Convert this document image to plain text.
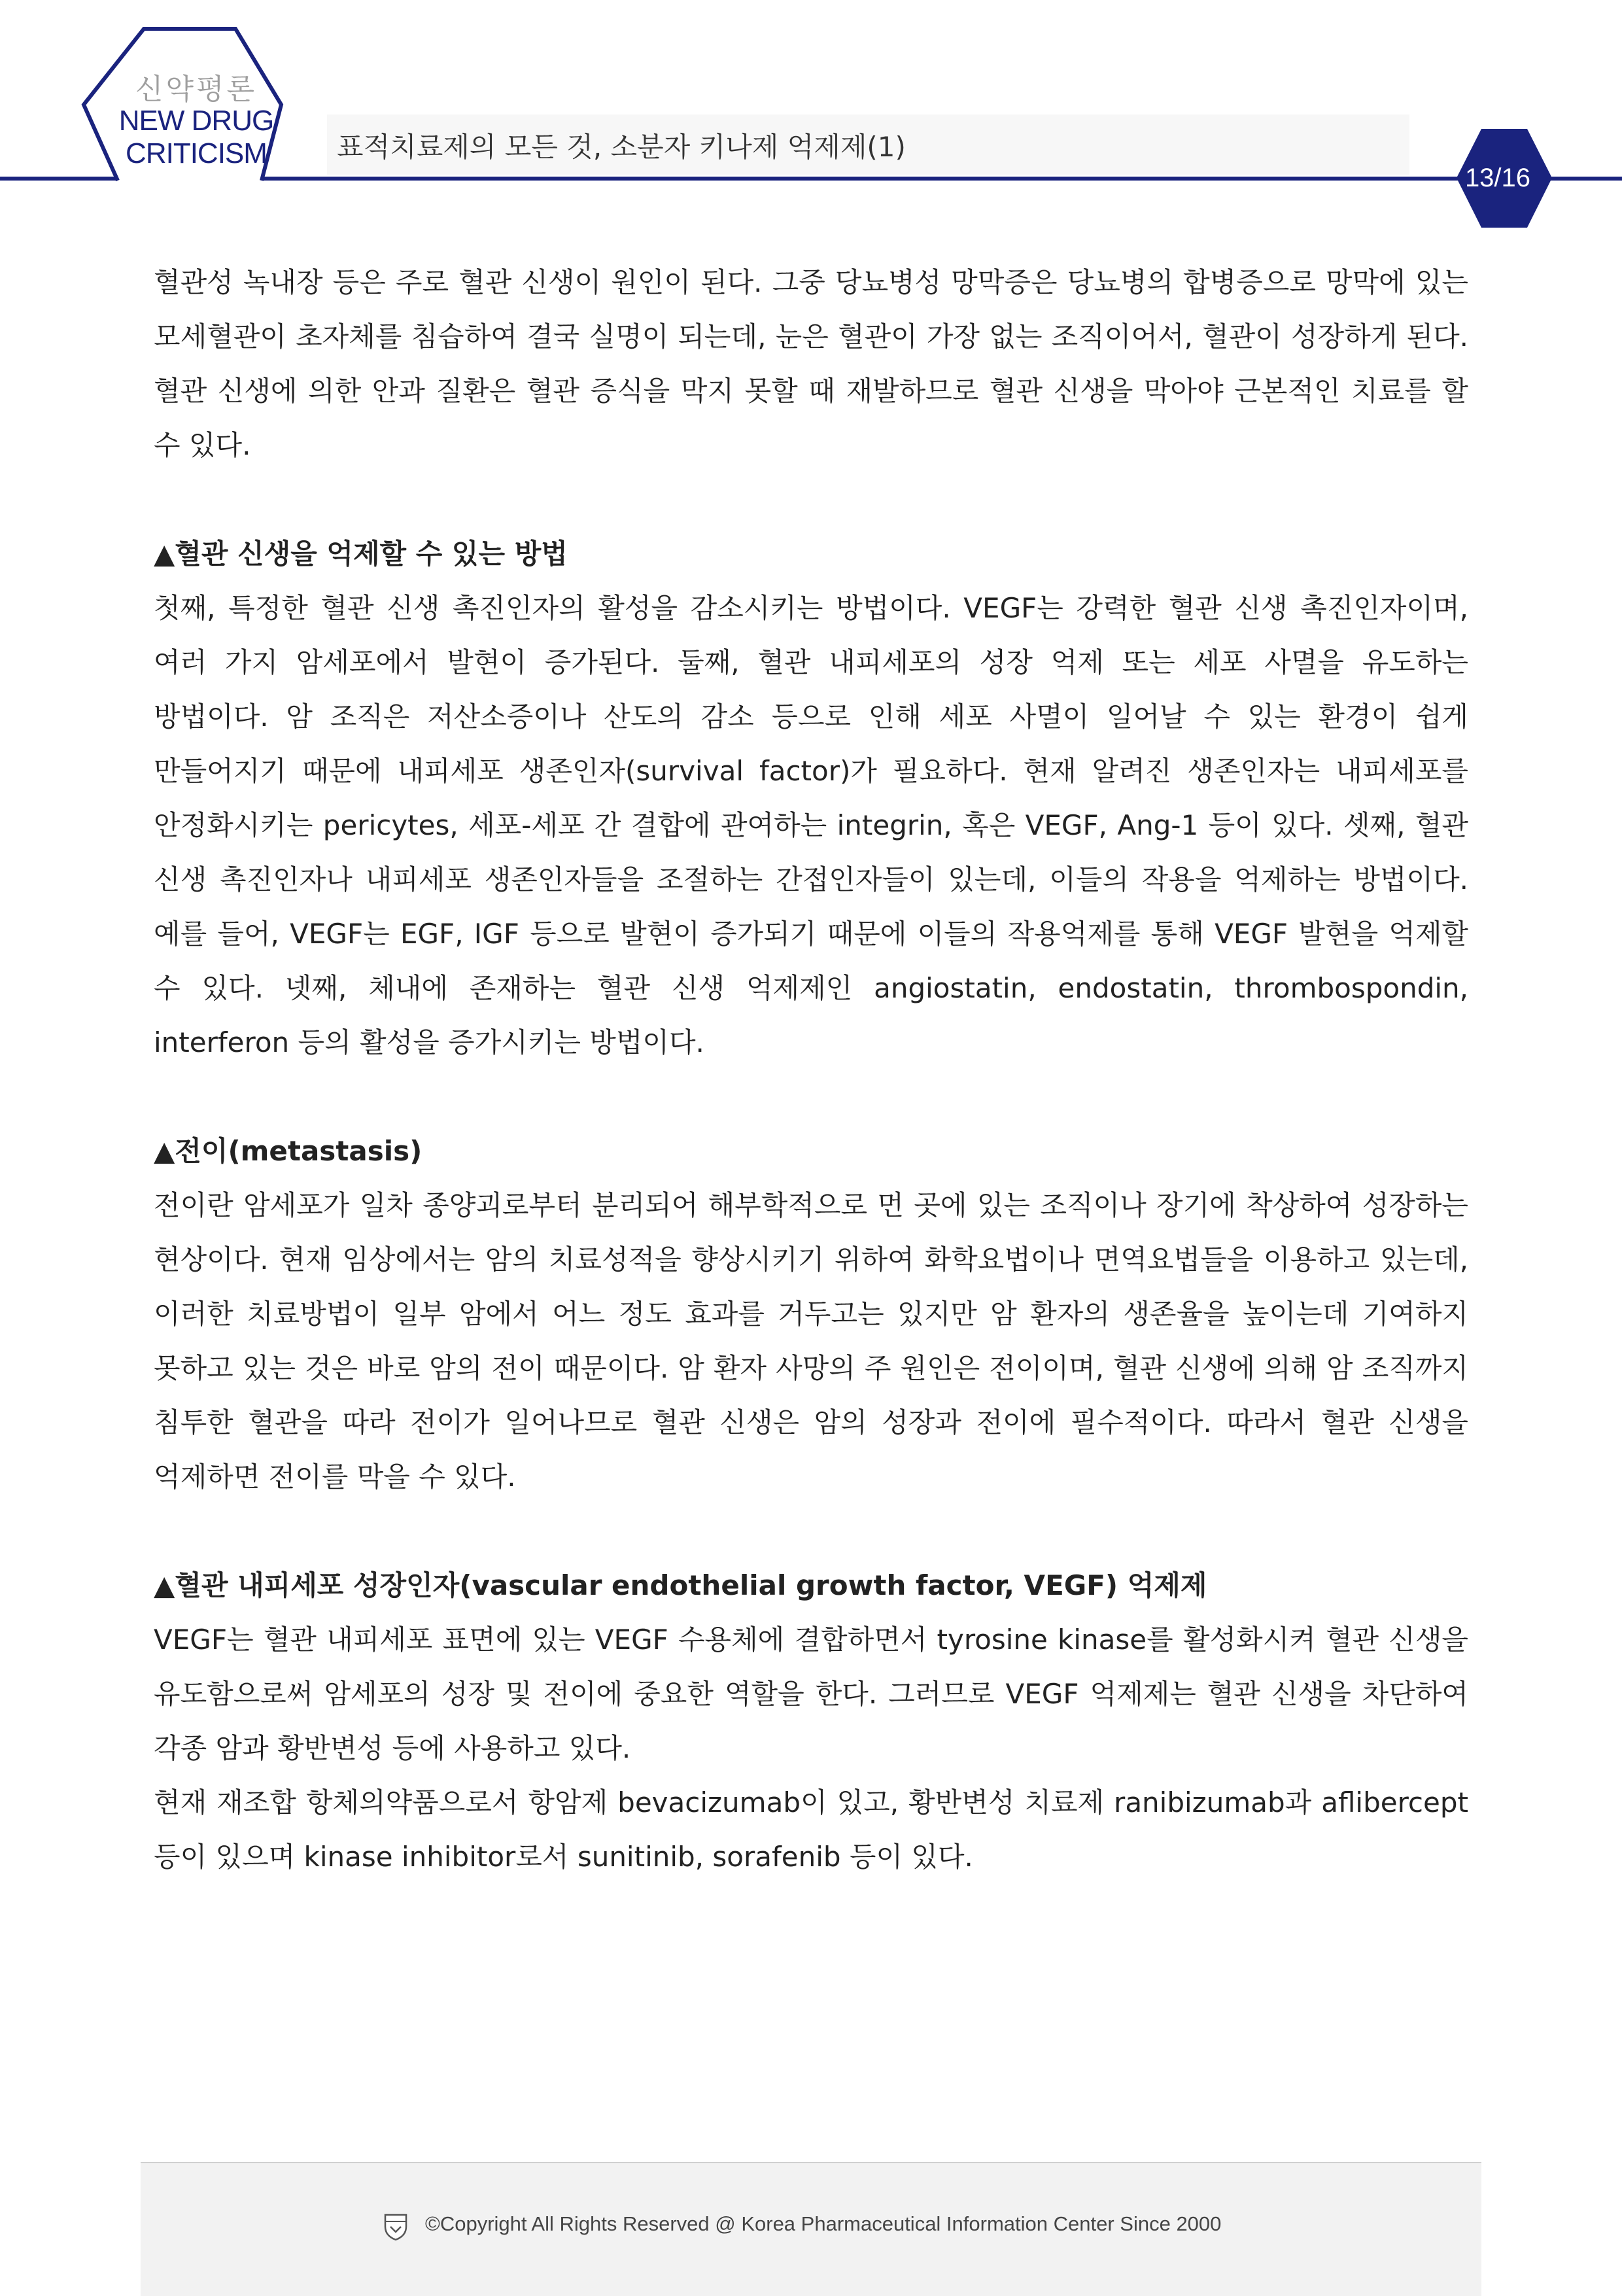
신약평론
NEW DRUG
CRITICISM	표적치료제의 모든 것, 소분자 키나제 억제제(1)
13/16

혈관성 녹내장 등은 주로 혈관 신생이 원인이 된다. 그중 당뇨병성 망막증은 당뇨병의 합병증으로 망막에 있는 모세혈관이 초자체를 침습하여 결국 실명이 되는데, 눈은 혈관이 가장 없는 조직이어서, 혈관이 성장하게 된다. 혈관 신생에 의한 안과 질환은 혈관 증식을 막지 못할 때 재발하므로 혈관 신생을 막아야 근본적인 치료를 할 수 있다.

▲혈관 신생을 억제할 수 있는 방법

첫째, 특정한 혈관 신생 촉진인자의 활성을 감소시키는 방법이다. VEGF는 강력한 혈관 신생 촉진인자이며, 여러 가지 암세포에서 발현이 증가된다. 둘째, 혈관 내피세포의 성장 억제 또는 세포 사멸을 유도하는 방법이다. 암 조직은 저산소증이나 산도의 감소 등으로 인해 세포 사멸이 일어날 수 있는 환경이 쉽게 만들어지기 때문에 내피세포 생존인자(survival factor)가 필요하다. 현재 알려진 생존인자는 내피세포를 안정화시키는 pericytes, 세포-세포 간 결합에 관여하는 integrin, 혹은 VEGF, Ang-1 등이 있다. 셋째, 혈관 신생 촉진인자나 내피세포 생존인자들을 조절하는 간접인자들이 있는데, 이들의 작용을 억제하는 방법이다. 예를 들어, VEGF는 EGF, IGF 등으로 발현이 증가되기 때문에 이들의 작용억제를 통해 VEGF 발현을 억제할 수 있다. 넷째, 체내에 존재하는 혈관 신생 억제제인 angiostatin, endostatin, thrombospondin, interferon 등의 활성을 증가시키는 방법이다.

▲전이(metastasis)

전이란 암세포가 일차 종양괴로부터 분리되어 해부학적으로 먼 곳에 있는 조직이나 장기에 착상하여 성장하는 현상이다. 현재 임상에서는 암의 치료성적을 향상시키기 위하여 화학요법이나 면역요법들을 이용하고 있는데, 이러한 치료방법이 일부 암에서 어느 정도 효과를 거두고는 있지만 암 환자의 생존율을 높이는데 기여하지 못하고 있는 것은 바로 암의 전이 때문이다. 암 환자 사망의 주 원인은 전이이며, 혈관 신생에 의해 암 조직까지 침투한 혈관을 따라 전이가 일어나므로 혈관 신생은 암의 성장과 전이에 필수적이다. 따라서 혈관 신생을 억제하면 전이를 막을 수 있다.

▲혈관 내피세포 성장인자(vascular endothelial growth factor, VEGF) 억제제

VEGF는 혈관 내피세포 표면에 있는 VEGF 수용체에 결합하면서 tyrosine kinase를 활성화시켜 혈관 신생을 유도함으로써 암세포의 성장 및 전이에 중요한 역할을 한다. 그러므로 VEGF 억제제는 혈관 신생을 차단하여 각종 암과 황반변성 등에 사용하고 있다.

현재 재조합 항체의약품으로서 항암제 bevacizumab이 있고, 황반변성 치료제 ranibizumab과 aflibercept 등이 있으며 kinase inhibitor로서 sunitinib, sorafenib 등이 있다.

©Copyright All Rights Reserved @ Korea Pharmaceutical Information Center Since 2000
